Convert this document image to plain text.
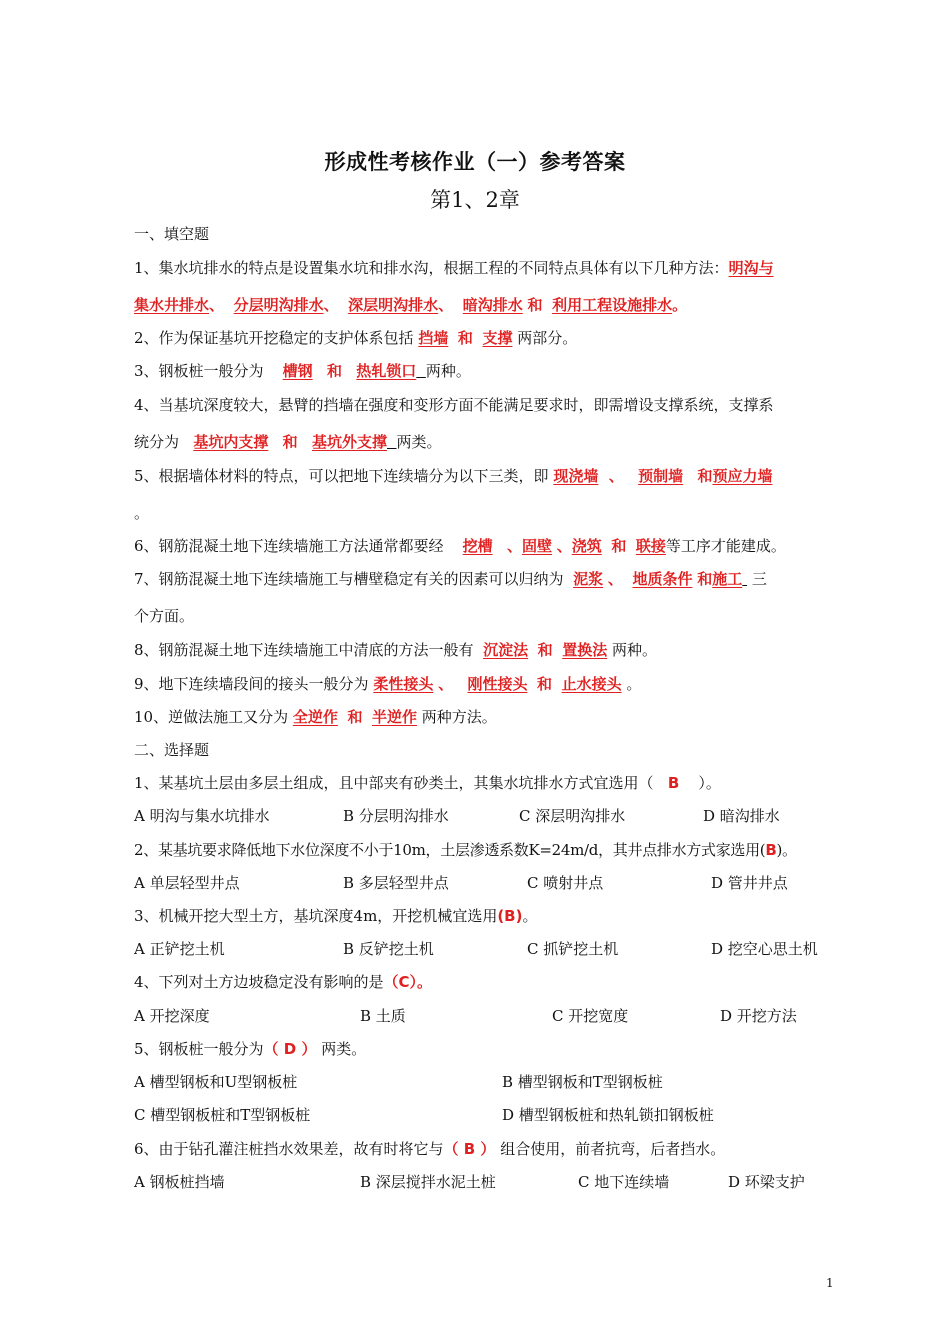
形成性考核作业（一）参考答案
第1、2章
一、填空题
1、集水坑排水的特点是设置集水坑和排水沟，根据工程的不同特点具体有以下几种方法：明沟与
集水井排水、 分层明沟排水、 深层明沟排水、 暗沟排水 和 利用工程设施排水。
2、作为保证基坑开挖稳定的支护体系包括 挡墙 和 支撑 两部分。
3、钢板桩一般分为 槽钢 和 热轧锁口 两种。
4、当基坑深度较大，悬臂的挡墙在强度和变形方面不能满足要求时，即需增设支撑系统，支撑系
统分为 基坑内支撑 和 基坑外支撑 两类。
5、根据墙体材料的特点，可以把地下连续墙分为以下三类，即 现浇墙 、 预制墙 和预应力墙
。
6、钢筋混凝土地下连续墙施工方法通常都要经 挖槽 、固壁 、浇筑 和 联接等工序才能建成。
7、钢筋混凝土地下连续墙施工与槽壁稳定有关的因素可以归纳为 泥浆 、 地质条件 和施工 三
个方面。
8、钢筋混凝土地下连续墙施工中清底的方法一般有 沉淀法 和 置换法 两种。
9、地下连续墙段间的接头一般分为 柔性接头 、 刚性接头 和 止水接头 。
10、逆做法施工又分为 全逆作 和 半逆作 两种方法。
二、选择题
1、某基坑土层由多层土组成，且中部夹有砂类土，其集水坑排水方式宜选用（ B ）。
A 明沟与集水坑排水	B 分层明沟排水	C 深层明沟排水	D 暗沟排水
2、某基坑要求降低地下水位深度不小于10m，土层渗透系数K=24m/d，其井点排水方式家选用(B)。
A 单层轻型井点	B 多层轻型井点	C 喷射井点	D 管井井点
3、机械开挖大型土方，基坑深度4m，开挖机械宜选用(B)。
A 正铲挖土机	B 反铲挖土机	C 抓铲挖土机	D 挖空心思土机
4、下列对土方边坡稳定没有影响的是（C）。
A 开挖深度	B 土质	C 开挖宽度	D 开挖方法
5、钢板桩一般分为（ D ） 两类。
A 槽型钢板和U型钢板桩	B 槽型钢板和T型钢板桩
C 槽型钢板桩和T型钢板桩	D 槽型钢板桩和热轧锁扣钢板桩
6、由于钻孔灌注桩挡水效果差，故有时将它与（ B ） 组合使用，前者抗弯，后者挡水。
A 钢板桩挡墙	B 深层搅拌水泥土桩	C 地下连续墙	D 环梁支护
1
